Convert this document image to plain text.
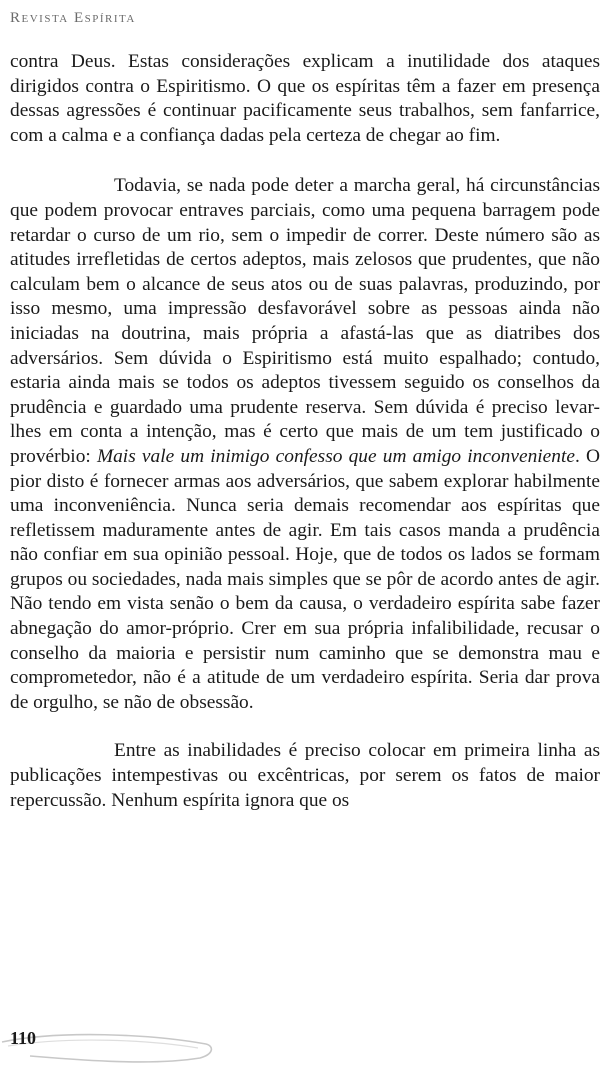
Revista Espírita

contra Deus. Estas considerações explicam a inutilidade dos ataques dirigidos contra o Espiritismo. O que os espíritas têm a fazer em presença dessas agressões é continuar pacificamente seus trabalhos, sem fanfarrice, com a calma e a confiança dadas pela certeza de chegar ao fim.

Todavia, se nada pode deter a marcha geral, há circunstâncias que podem provocar entraves parciais, como uma pequena barragem pode retardar o curso de um rio, sem o impedir de correr. Deste número são as atitudes irrefletidas de certos adeptos, mais zelosos que prudentes, que não calculam bem o alcance de seus atos ou de suas palavras, produzindo, por isso mesmo, uma impressão desfavorável sobre as pessoas ainda não iniciadas na doutrina, mais própria a afastá-las que as diatribes dos adversários. Sem dúvida o Espiritismo está muito espalhado; contudo, estaria ainda mais se todos os adeptos tivessem seguido os conselhos da prudência e guardado uma prudente reserva. Sem dúvida é preciso levar-lhes em conta a intenção, mas é certo que mais de um tem justificado o provérbio: Mais vale um inimigo confesso que um amigo inconveniente. O pior disto é fornecer armas aos adversários, que sabem explorar habilmente uma inconveniência. Nunca seria demais recomendar aos espíritas que refletissem maduramente antes de agir. Em tais casos manda a prudência não confiar em sua opinião pessoal. Hoje, que de todos os lados se formam grupos ou sociedades, nada mais simples que se pôr de acordo antes de agir. Não tendo em vista senão o bem da causa, o verdadeiro espírita sabe fazer abnegação do amor-próprio. Crer em sua própria infalibilidade, recusar o conselho da maioria e persistir num caminho que se demonstra mau e comprometedor, não é a atitude de um verdadeiro espírita. Seria dar prova de orgulho, se não de obsessão.

Entre as inabilidades é preciso colocar em primeira linha as publicações intempestivas ou excêntricas, por serem os fatos de maior repercussão. Nenhum espírita ignora que os

110
